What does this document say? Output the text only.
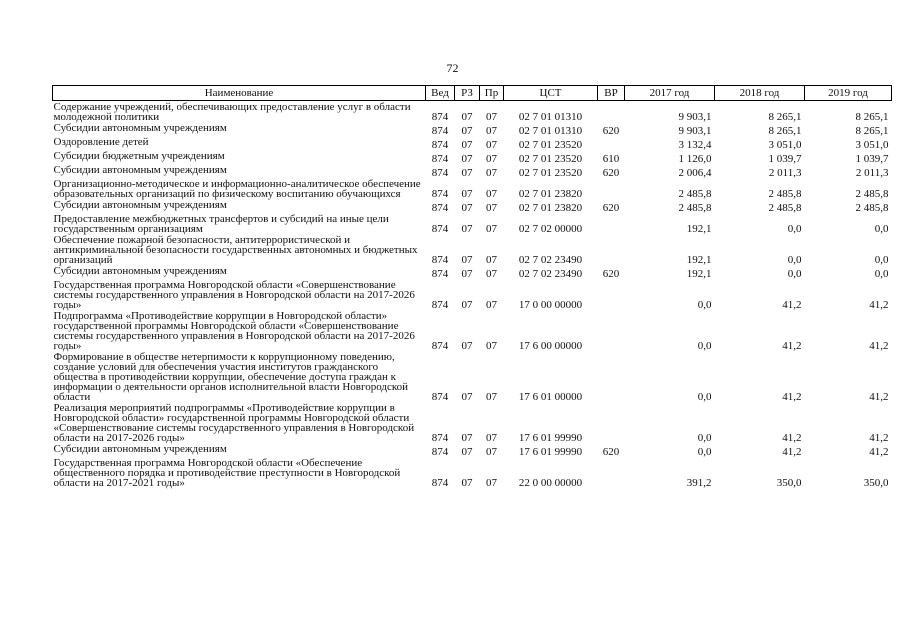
72
Наименование	Вед	РЗ	Пр	ЦСТ	ВР	2017 год	2018 год	2019 год
Содержание учреждений, обеспечивающих предоставление услуг в области молодежной политики	874	07	07	02 7 01 01310		9 903,1	8 265,1	8 265,1
Субсидии автономным учреждениям	874	07	07	02 7 01 01310	620	9 903,1	8 265,1	8 265,1
Оздоровление детей	874	07	07	02 7 01 23520		3 132,4	3 051,0	3 051,0
Субсидии бюджетным учреждениям	874	07	07	02 7 01 23520	610	1 126,0	1 039,7	1 039,7
Субсидии автономным учреждениям	874	07	07	02 7 01 23520	620	2 006,4	2 011,3	2 011,3
Организационно-методическое и информационно-аналитическое обеспечение образовательных организаций по физическому воспитанию обучающихся	874	07	07	02 7 01 23820		2 485,8	2 485,8	2 485,8
Субсидии автономным учреждениям	874	07	07	02 7 01 23820	620	2 485,8	2 485,8	2 485,8
Предоставление межбюджетных трансфертов и субсидий на иные цели государственным организациям	874	07	07	02 7 02 00000		192,1	0,0	0,0
Обеспечение пожарной безопасности, антитеррористической и антикриминальной безопасности государственных автономных и бюджетных организаций	874	07	07	02 7 02 23490		192,1	0,0	0,0
Субсидии автономным учреждениям	874	07	07	02 7 02 23490	620	192,1	0,0	0,0
Государственная программа Новгородской области «Совершенствование системы государственного управления в Новгородской области на 2017-2026 годы»	874	07	07	17 0 00 00000		0,0	41,2	41,2
Подпрограмма «Противодействие коррупции в Новгородской области» государственной программы Новгородской области «Совершенствование системы государственного управления в Новгородской области на 2017-2026 годы»	874	07	07	17 6 00 00000		0,0	41,2	41,2
Формирование в обществе нетерпимости к коррупционному поведению, создание условий для обеспечения участия институтов гражданского общества в противодействии коррупции, обеспечение доступа граждан к информации о деятельности органов исполнительной власти Новгородской области	874	07	07	17 6 01 00000		0,0	41,2	41,2
Реализация мероприятий подпрограммы «Противодействие коррупции в Новгородской области» государственной программы Новгородской области «Совершенствование системы государственного управления в Новгородской области на 2017-2026 годы»	874	07	07	17 6 01 99990		0,0	41,2	41,2
Субсидии автономным учреждениям	874	07	07	17 6 01 99990	620	0,0	41,2	41,2
Государственная программа Новгородской области «Обеспечение общественного порядка и противодействие преступности в Новгородской области на 2017-2021 годы»	874	07	07	22 0 00 00000		391,2	350,0	350,0
